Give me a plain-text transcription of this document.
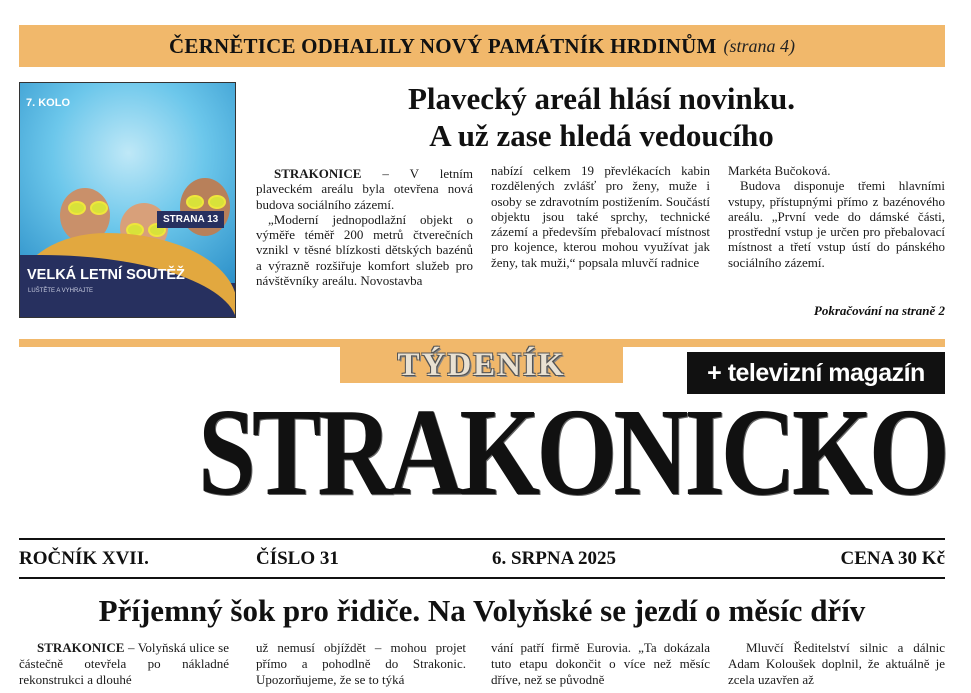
ČERNĚTICE ODHALILY NOVÝ PAMÁTNÍK HRDINŮM (strana 4)
7. KOLO
STRANA 13
VELKÁ LETNÍ SOUTĚŽ
LUŠTĚTE A VYHRAJTE
Plavecký areál hlásí novinku.
A už zase hledá vedoucího

STRAKONICE – V letním plaveckém areálu byla otevřena nová budova sociálního zázemí.

„Moderní jednopodlažní objekt o výměře téměř 200 metrů čtverečních vznikl v těsné blízkosti dětských bazénů a výrazně rozšiřuje komfort služeb pro návštěvníky areálu. Novostavba

nabízí celkem 19 převlékacích kabin rozdělených zvlášť pro ženy, muže i osoby se zdravotním postižením. Součástí objektu jsou také sprchy, technické zázemí a především přebalovací místnost pro kojence, kterou mohou využívat jak ženy, tak muži,“ popsala mluvčí radnice

Markéta Bučoková.

Budova disponuje třemi hlavními vstupy, přístupnými přímo z bazénového areálu. „První vede do dámské části, prostřední vstup je určen pro přebalovací místnost a třetí vstup ústí do pánského sociálního zázemí.

Pokračování na straně 2
TÝDENÍK	+ televizní magazín
STRAKONICKO
ROČNÍK XVII.	ČÍSLO 31	6. SRPNA 2025	CENA 30 Kč
Příjemný šok pro řidiče. Na Volyňské se jezdí o měsíc dřív

STRAKONICE – Volyňská ulice se částečně otevřela po nákladné rekonstrukci a dlouhé

už nemusí objíždět – mohou projet přímo a pohodlně do Strakonic. Upozorňujeme, že se to týká

vání patří firmě Eurovia. „Ta dokázala tuto etapu dokončit o více než měsíc dříve, než se původně

Mluvčí Ředitelství silnic a dálnic Adam Koloušek doplnil, že aktuálně je zcela uzavřen až
